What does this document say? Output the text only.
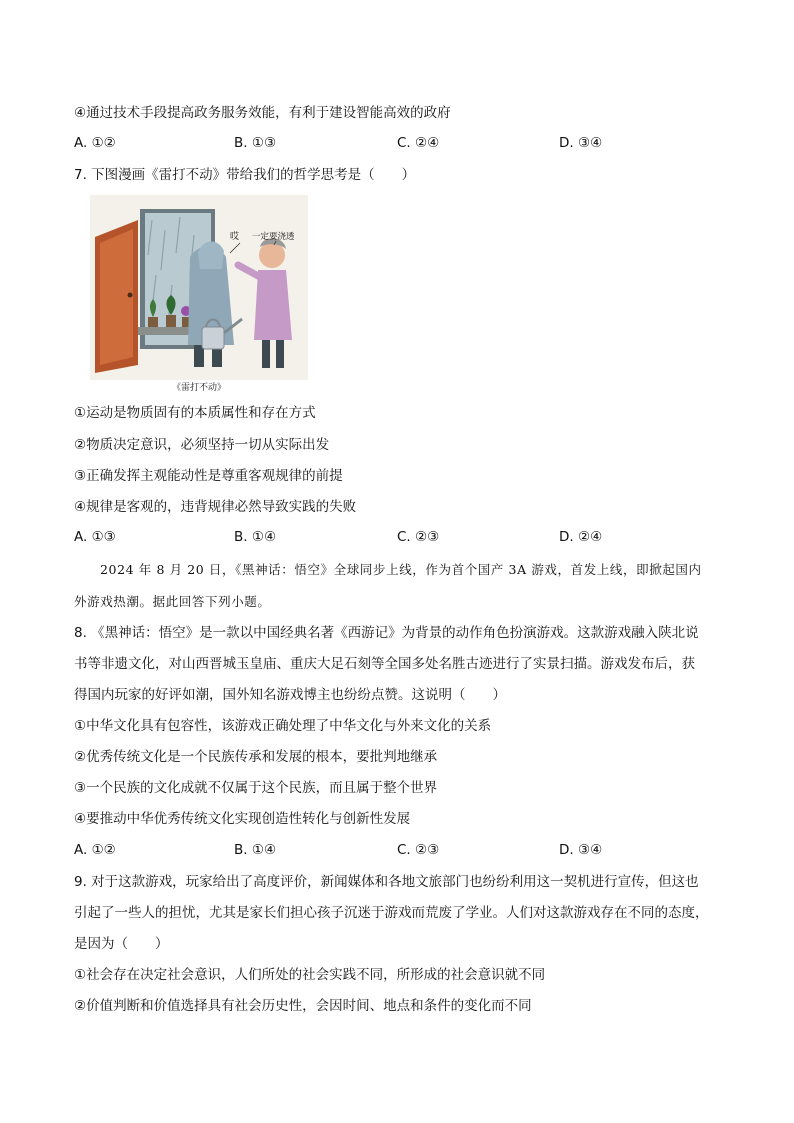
④通过技术手段提高政务服务效能，有利于建设智能高效的政府
A. ①②	B. ①③	C. ②④	D. ③④
7. 下图漫画《雷打不动》带给我们的哲学思考是（　　）
哎 一定要浇透
《雷打不动》
①运动是物质固有的本质属性和存在方式
②物质决定意识，必须坚持一切从实际出发
③正确发挥主观能动性是尊重客观规律的前提
④规律是客观的，违背规律必然导致实践的失败
A. ①③	B. ①④	C. ②③	D. ②④
2024 年 8 月 20 日，《黑神话：悟空》全球同步上线，作为首个国产 3A 游戏，首发上线，即掀起国内
外游戏热潮。据此回答下列小题。
8. 《黑神话：悟空》是一款以中国经典名著《西游记》为背景的动作角色扮演游戏。这款游戏融入陕北说
书等非遗文化，对山西晋城玉皇庙、重庆大足石刻等全国多处名胜古迹进行了实景扫描。游戏发布后，获
得国内玩家的好评如潮，国外知名游戏博主也纷纷点赞。这说明（　　）
①中华文化具有包容性，该游戏正确处理了中华文化与外来文化的关系
②优秀传统文化是一个民族传承和发展的根本，要批判地继承
③一个民族的文化成就不仅属于这个民族，而且属于整个世界
④要推动中华优秀传统文化实现创造性转化与创新性发展
A. ①②	B. ①④	C. ②③	D. ③④
9. 对于这款游戏，玩家给出了高度评价，新闻媒体和各地文旅部门也纷纷利用这一契机进行宣传，但这也
引起了一些人的担忧，尤其是家长们担心孩子沉迷于游戏而荒废了学业。人们对这款游戏存在不同的态度，
是因为（　　）
①社会存在决定社会意识，人们所处的社会实践不同，所形成的社会意识就不同
②价值判断和价值选择具有社会历史性，会因时间、地点和条件的变化而不同
